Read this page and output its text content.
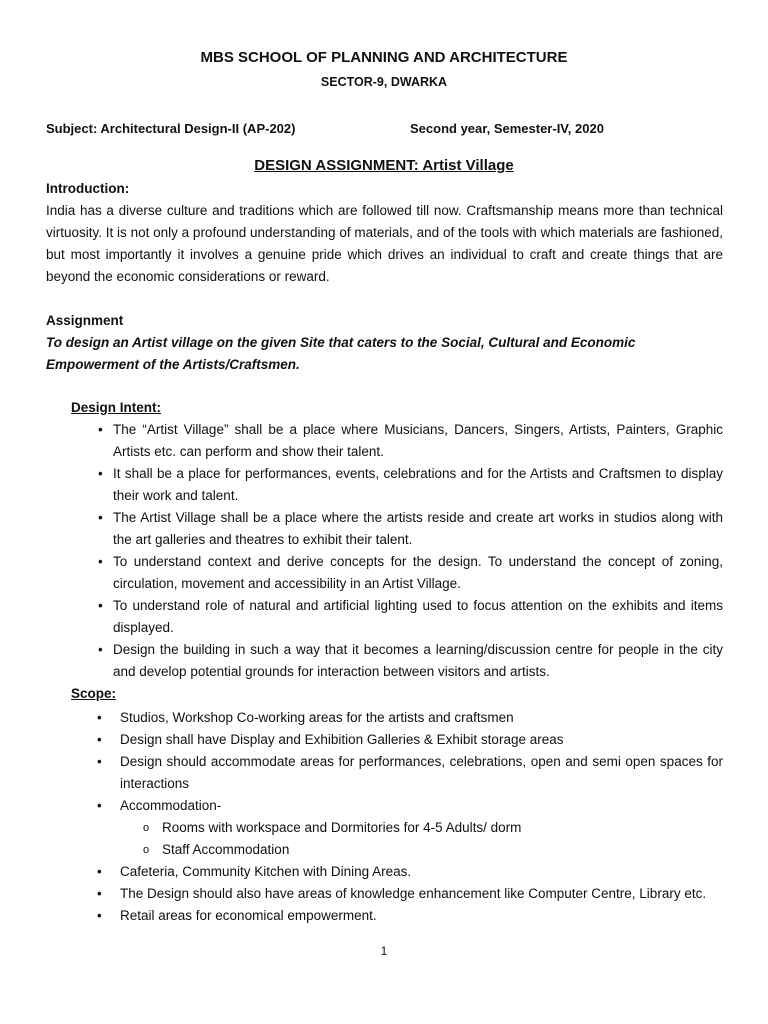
MBS SCHOOL OF PLANNING AND ARCHITECTURE
SECTOR-9, DWARKA
Subject: Architectural Design-II (AP-202)	Second year, Semester-IV, 2020
DESIGN ASSIGNMENT: Artist Village
Introduction:
India has a diverse culture and traditions which are followed till now. Craftsmanship means more than technical virtuosity. It is not only a profound understanding of materials, and of the tools with which materials are fashioned, but most importantly it involves a genuine pride which drives an individual to craft and create things that are beyond the economic considerations or reward.
Assignment
To design an Artist village on the given Site that caters to the Social, Cultural and Economic Empowerment of the Artists/Craftsmen.
Design Intent:
• The “Artist Village” shall be a place where Musicians, Dancers, Singers, Artists, Painters, Graphic Artists etc. can perform and show their talent.
• It shall be a place for performances, events, celebrations and for the Artists and Craftsmen to display their work and talent.
• The Artist Village shall be a place where the artists reside and create art works in studios along with the art galleries and theatres to exhibit their talent.
• To understand context and derive concepts for the design. To understand the concept of zoning, circulation, movement and accessibility in an Artist Village.
• To understand role of natural and artificial lighting used to focus attention on the exhibits and items displayed.
• Design the building in such a way that it becomes a learning/discussion centre for people in the city and develop potential grounds for interaction between visitors and artists.
Scope:
• Studios, Workshop Co-working areas for the artists and craftsmen
• Design shall have Display and Exhibition Galleries & Exhibit storage areas
• Design should accommodate areas for performances, celebrations, open and semi open spaces for interactions
• Accommodation-
o Rooms with workspace and Dormitories for 4-5 Adults/ dorm
o Staff Accommodation
• Cafeteria, Community Kitchen with Dining Areas.
• The Design should also have areas of knowledge enhancement like Computer Centre, Library etc.
• Retail areas for economical empowerment.
1
